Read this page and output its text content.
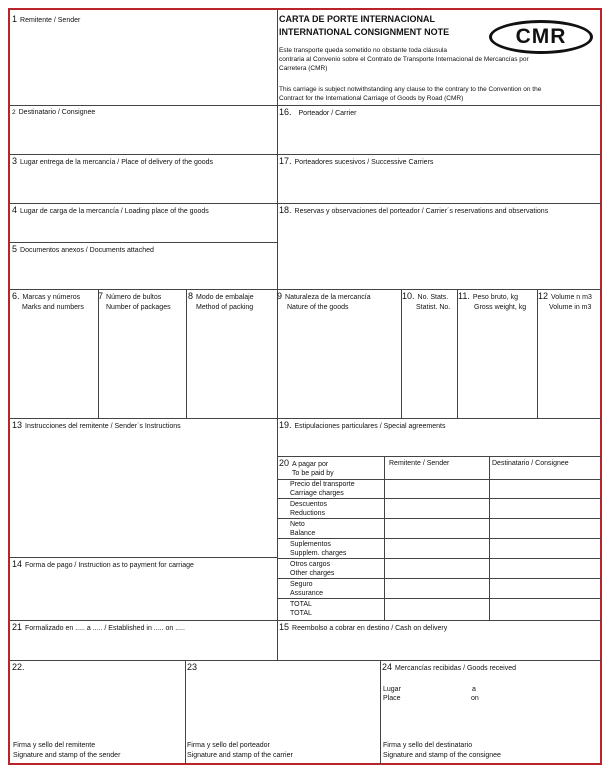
CARTA DE PORTE INTERNACIONAL
INTERNATIONAL CONSIGNMENT NOTE	CMR
Este transporte queda sometido no obstante toda cláusula
contraria al Convenio sobre el Contrato de Transporte Internacional de Mercancías por
Carretera (CMR)
This carriage is subject notwithstanding any clause to the contrary to the Convention on the
Contract for the International Carriage of Goods by Road (CMR)
1 Remitente / Sender
2 Destinatario / Consignee
3 Lugar entrega de la mercancía / Place of delivery of the goods
4 Lugar de carga de la mercancía / Loading place of the goods
5 Documentos anexos / Documents attached
16. Porteador / Carrier
17. Porteadores sucesivos / Successive Carriers
18. Reservas y observaciones del porteador / Carrier´s reservations and observations
6. Marcas y números
Marks and numbers
7 Número de bultos
Number of packages
8 Modo de embalaje
Method of packing
9 Naturaleza de la mercancía
Nature of the goods
10. No. Stats.
Statist. No.
11. Peso bruto, kg
Gross weight, kg
12 Volume n m3
Volume in m3
13 Instrucciones del remitente / Sender´s Instructions
14 Forma de pago / Instruction as to payment for carriage
19. Estipulaciones particulares / Special agreements
20 A pagar por
To be paid by
Remitente / Sender	Destinatario / Consignee
Precio del transporte
Carriage charges
Descuentos
Reductions
Neto
Balance
Suplementos
Supplem. charges
Otros cargos
Other charges
Seguro
Assurance
TOTAL
TOTAL
21 Formalizado en ..... a ..... / Established in ..... on .....	15 Reembolso a cobrar en destino / Cash on delivery
22.
Firma y sello del remitente
Signature and stamp of the sender
23
Firma y sello del porteador
Signature and stamp of the carrier
24 Mercancías recibidas / Goods received
Lugar	a
Place	on
Firma y sello del destinatario
Signature and stamp of the consignee
